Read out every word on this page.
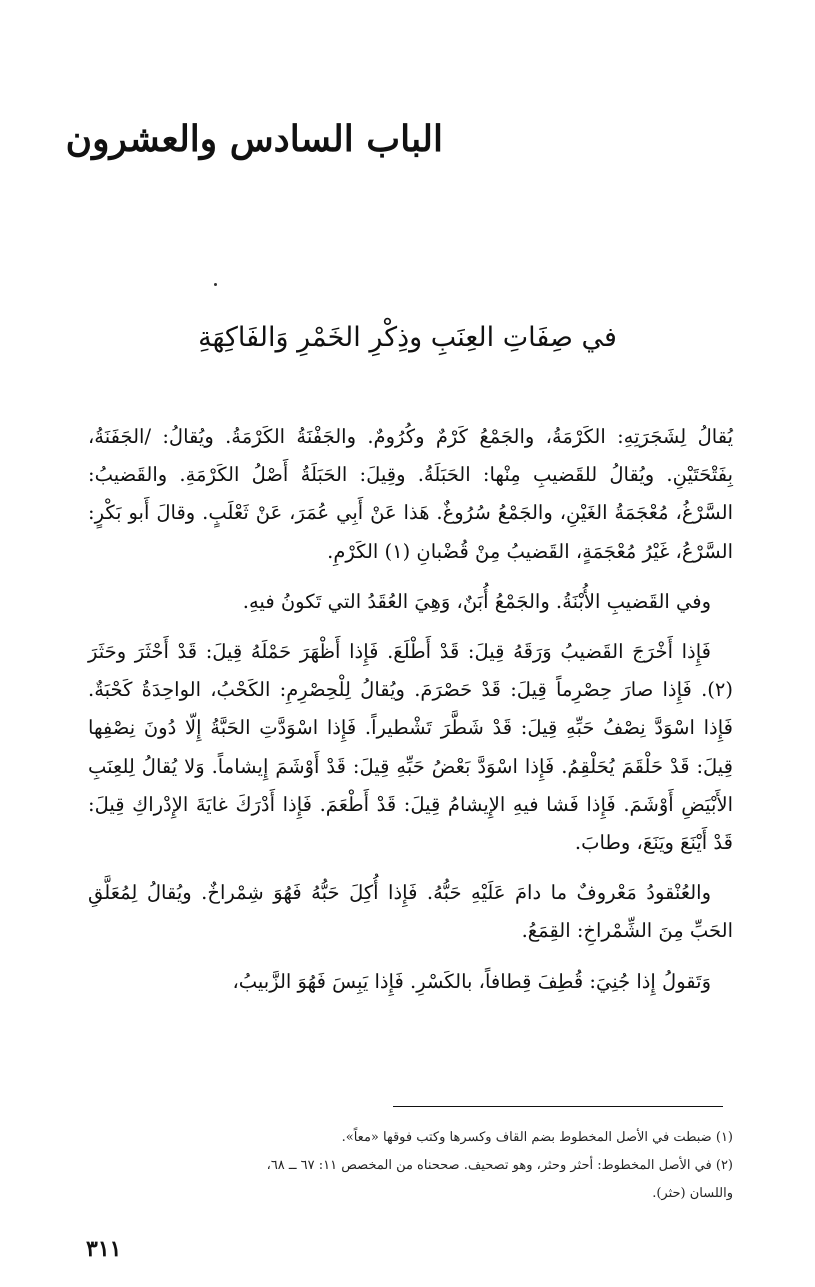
الباب السادس والعشرون
في صِفَاتِ العِنَبِ وذِكْرِ الخَمْرِ وَالفَاكِهَةِ

يُقالُ لِشَجَرَتِهِ: الكَرْمَةُ، والجَمْعُ كَرْمٌ وكُرُومٌ. والجَفْنَةُ الكَرْمَةُ. ويُقالُ: /الجَفَنَةُ، بِفَتْحَتَيْنِ. ويُقالُ للقَضيبِ مِنْها: الحَبَلَةُ. وقِيلَ: الحَبَلَةُ أَصْلُ الكَرْمَةِ. والقَضيبُ: السَّرْغُ، مُعْجَمَةُ الغَيْنِ، والجَمْعُ سُرُوغٌ. هَذا عَنْ أَبِي عُمَرَ، عَنْ ثَعْلَبٍ. وقالَ أَبو بَكْرٍ: السَّرْعُ، غَيْرُ مُعْجَمَةٍ، القَضيبُ مِنْ قُضْبانِ (١) الكَرْمِ.

وفي القَضيبِ الأُبْنَةُ. والجَمْعُ أُبَنٌ، وَهِيَ العُقَدُ التي تَكونُ فيهِ.

فَإِذا أَخْرَجَ القَضيبُ وَرَقَهُ قِيلَ: قَدْ أَطْلَعَ. فَإِذا أَظْهَرَ حَمْلَهُ قِيلَ: قَدْ أَحْثَرَ وحَثَرَ (٢). فَإِذا صارَ حِصْرِماً قِيلَ: قَدْ حَصْرَمَ. ويُقالُ لِلْحِصْرِمِ: الكَحْبُ، الواحِدَةُ كَحْبَةٌ. فَإِذا اسْوَدَّ نِصْفُ حَبِّهِ قِيلَ: قَدْ شَطَّرَ تَشْطيراً. فَإِذا اسْوَدَّتِ الحَبَّةُ إِلّا دُونَ نِصْفِها قِيلَ: قَدْ حَلْقَمَ يُحَلْقِمُ. فَإِذا اسْوَدَّ بَعْضُ حَبِّهِ قِيلَ: قَدْ أَوْشَمَ إِيشاماً. وَلا يُقالُ لِلعِنَبِ الأَبْيَضِ أَوْشَمَ. فَإِذا فَشا فيهِ الإِيشامُ قِيلَ: قَدْ أَطْعَمَ. فَإِذا أَدْرَكَ غايَةَ الإِدْراكِ قِيلَ: قَدْ أَيْنَعَ ويَنَعَ، وطابَ.

والعُنْقودُ مَعْروفٌ ما دامَ عَلَيْهِ حَبُّهُ. فَإِذا أُكِلَ حَبُّهُ فَهُوَ شِمْراخٌ. ويُقالُ لِمُعَلَّقِ الحَبِّ مِنَ الشِّمْراخِ: القِمَعُ.

وَتَقولُ إِذا جُنِيَ: قُطِفَ قِطافاً، بالكَسْرِ. فَإِذا يَبِسَ فَهُوَ الزَّبيبُ،

(١) ضبطت في الأصل المخطوط بضم القاف وكسرها وكتب فوقها «معاً».

(٢) في الأصل المخطوط: أحثر وحثر، وهو تصحيف. صححناه من المخصص ١١: ٦٧ ــ ٦٨،

واللسان (حثر).

٣١١
